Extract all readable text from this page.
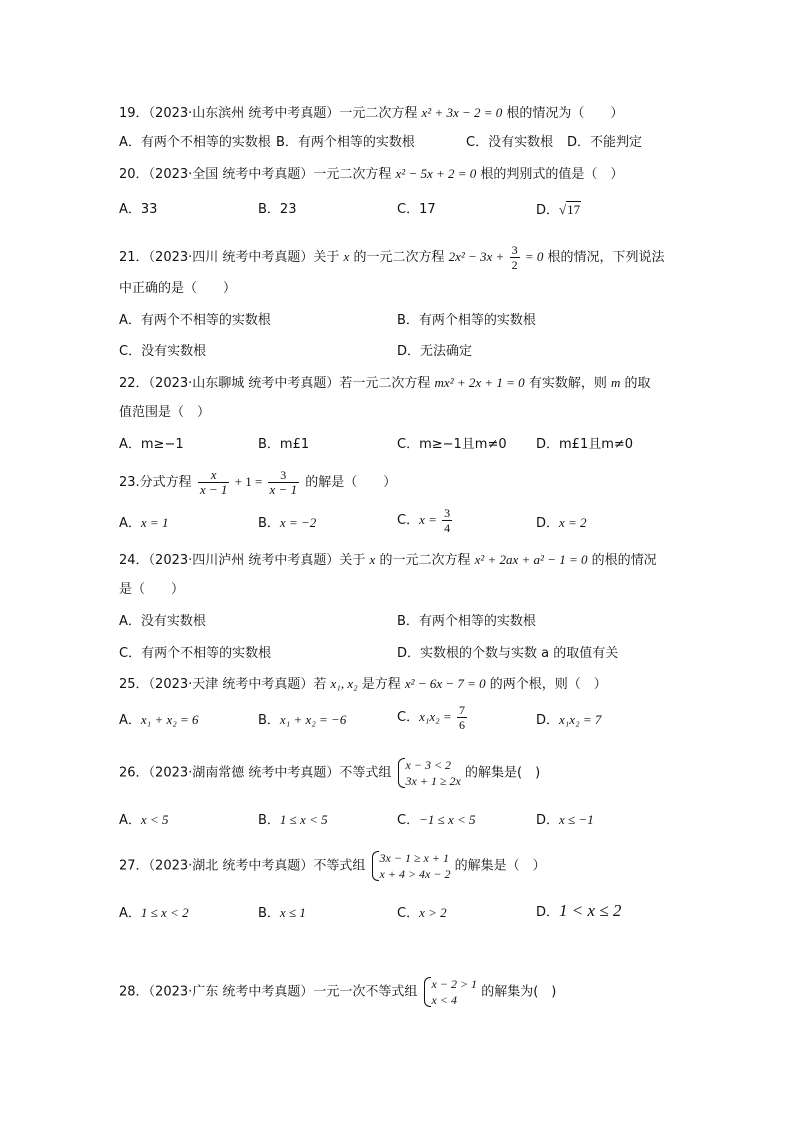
19．（2023·山东滨州 统考中考真题）一元二次方程 x² + 3x − 2 = 0 根的情况为（　　）
A．有两个不相等的实数根 B．有两个相等的实数根	C．没有实数根 D．不能判定
20．（2023·全国 统考中考真题）一元二次方程 x² − 5x + 2 = 0 根的判别式的值是（　）
A．33	B．23	C．17	D．√17
21．（2023·四川 统考中考真题）关于 x 的一元二次方程 $2x^2 - 3x + \frac{3}{2} = 0$ 根的情况，下列说法
中正确的是（　　）
A．有两个不相等的实数根	B．有两个相等的实数根
C．没有实数根	D．无法确定
22．（2023·山东聊城 统考中考真题）若一元二次方程 mx² + 2x + 1 = 0 有实数解，则 m 的取
值范围是（　）
A．m≥−1	B．m£1	C．m≥−1且m≠0 D．m£1且m≠0
23.分式方程 $\frac{x}{x - 1} + 1 = \frac{3}{x - 1}$ 的解是（　　）
A．x = 1	B．x = −2	C．$x = \frac{3}{4}$	D．x = 2
24．（2023·四川泸州 统考中考真题）关于 x 的一元二次方程 x² + 2ax + a² − 1 = 0 的根的情况
是（　　）
A．没有实数根	B．有两个相等的实数根
C．有两个不相等的实数根	D．实数根的个数与实数 a 的取值有关
25．（2023·天津 统考中考真题）若 x₁, x₂ 是方程 x² − 6x − 7 = 0 的两个根，则（　）
A．x₁ + x₂ = 6	B．x₁ + x₂ = −6	C．$x_1x_2 = \frac{7}{6}$	D．x₁x₂ = 7
26．（2023·湖南常德 统考中考真题）不等式组
x − 3 < 2
3x + 1 ≥ 2x
的解集是(　)
A．x < 5	B．1 ≤ x < 5	C．−1 ≤ x < 5	D．x ≤ −1
27．（2023·湖北 统考中考真题）不等式组
3x − 1 ≥ x + 1
x + 4 > 4x − 2
的解集是（　）
A．1 ≤ x < 2	B．x ≤ 1	C．x > 2	D．1 < x ≤ 2
28．（2023·广东 统考中考真题）一元一次不等式组
x − 2 > 1
x < 4
的解集为(　)
